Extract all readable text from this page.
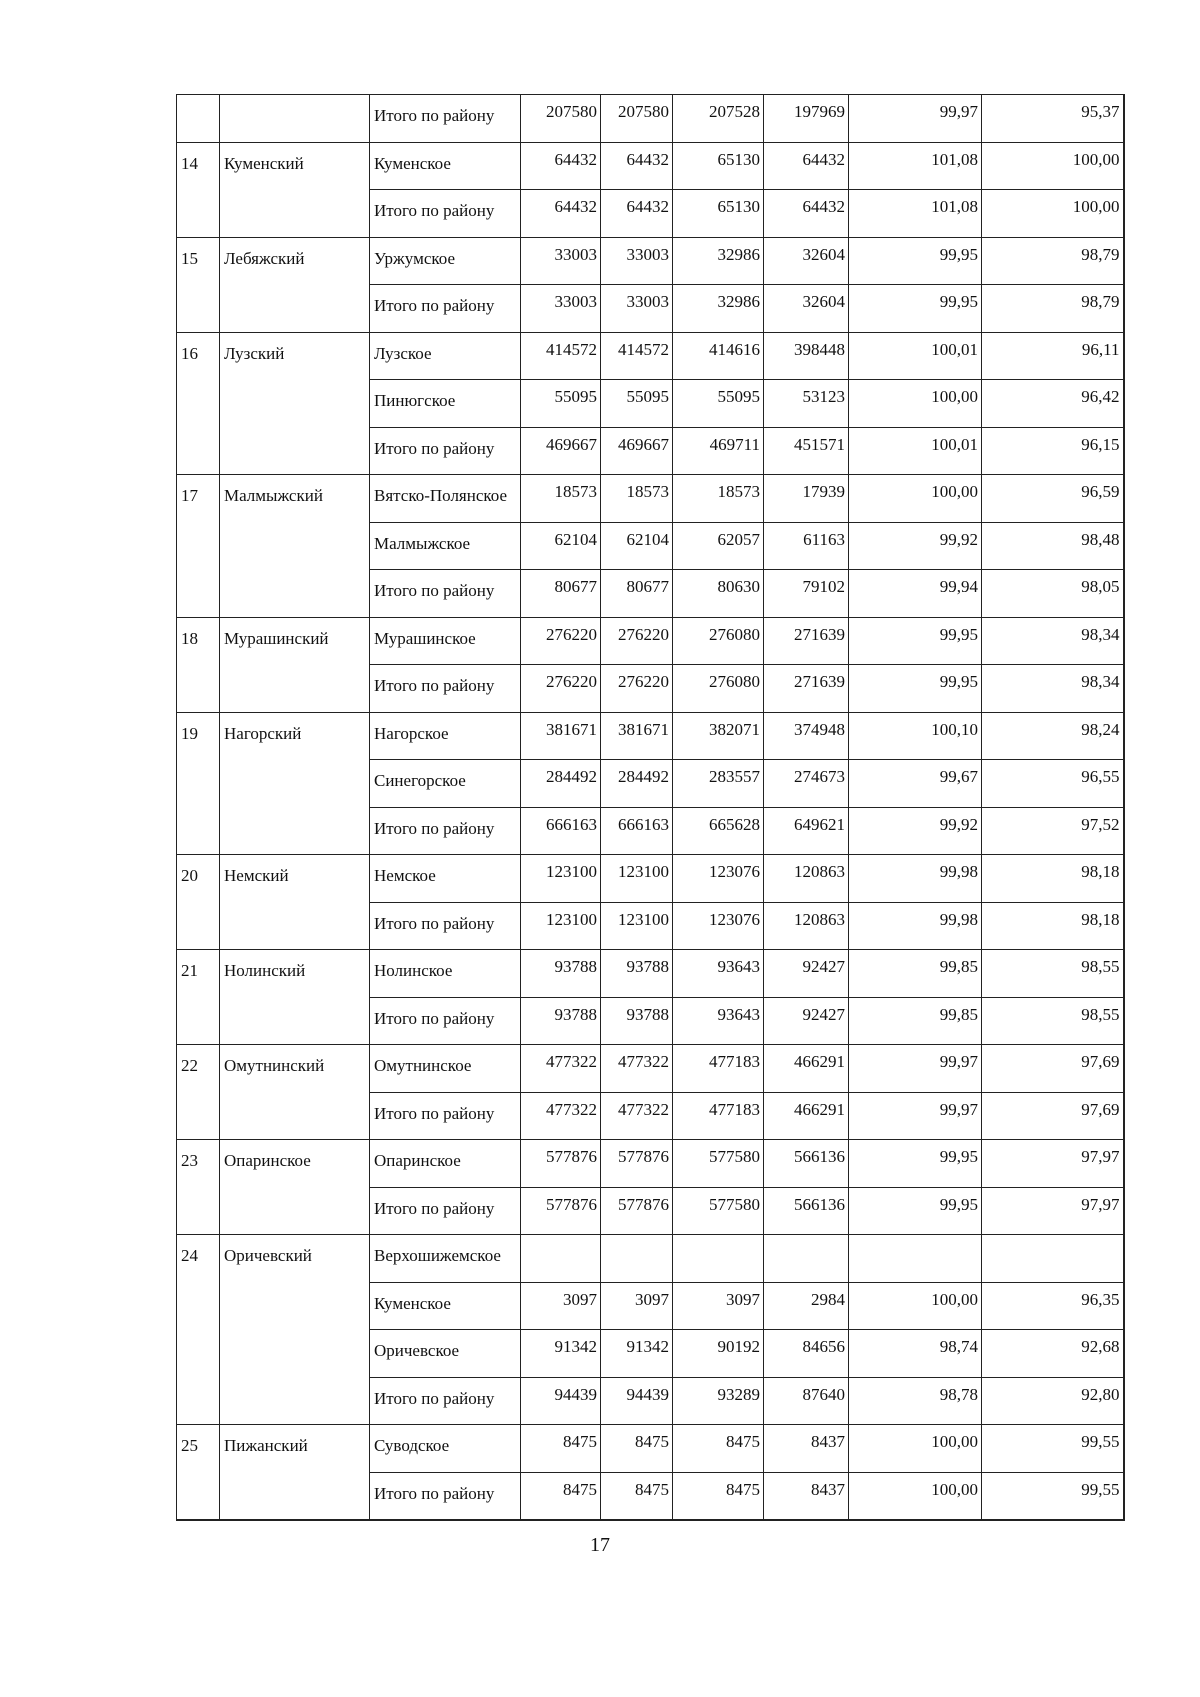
		Итого по району	207580	207580	207528	197969	99,97	95,37
14	Куменский	Куменское	64432	64432	65130	64432	101,08	100,00
		Итого по району	64432	64432	65130	64432	101,08	100,00
15	Лебяжский	Уржумское	33003	33003	32986	32604	99,95	98,79
		Итого по району	33003	33003	32986	32604	99,95	98,79
16	Лузский	Лузское	414572	414572	414616	398448	100,01	96,11
		Пинюгское	55095	55095	55095	53123	100,00	96,42
		Итого по району	469667	469667	469711	451571	100,01	96,15
17	Малмыжский	Вятско-Полянское	18573	18573	18573	17939	100,00	96,59
		Малмыжское	62104	62104	62057	61163	99,92	98,48
		Итого по району	80677	80677	80630	79102	99,94	98,05
18	Мурашинский	Мурашинское	276220	276220	276080	271639	99,95	98,34
		Итого по району	276220	276220	276080	271639	99,95	98,34
19	Нагорский	Нагорское	381671	381671	382071	374948	100,10	98,24
		Синегорское	284492	284492	283557	274673	99,67	96,55
		Итого по району	666163	666163	665628	649621	99,92	97,52
20	Немский	Немское	123100	123100	123076	120863	99,98	98,18
		Итого по району	123100	123100	123076	120863	99,98	98,18
21	Нолинский	Нолинское	93788	93788	93643	92427	99,85	98,55
		Итого по району	93788	93788	93643	92427	99,85	98,55
22	Омутнинский	Омутнинское	477322	477322	477183	466291	99,97	97,69
		Итого по району	477322	477322	477183	466291	99,97	97,69
23	Опаринское	Опаринское	577876	577876	577580	566136	99,95	97,97
		Итого по району	577876	577876	577580	566136	99,95	97,97
24	Оричевский	Верхошижемское						
		Куменское	3097	3097	3097	2984	100,00	96,35
		Оричевское	91342	91342	90192	84656	98,74	92,68
		Итого по району	94439	94439	93289	87640	98,78	92,80
25	Пижанский	Суводское	8475	8475	8475	8437	100,00	99,55
		Итого по району	8475	8475	8475	8437	100,00	99,55
17
